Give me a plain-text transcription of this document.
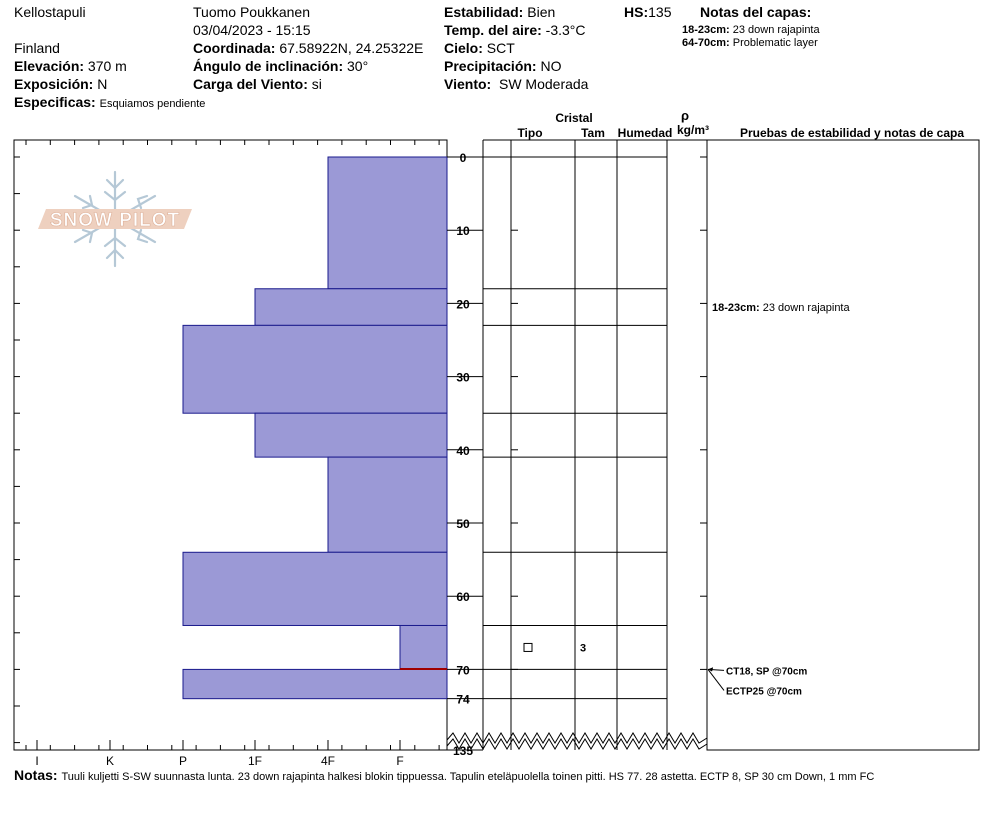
Kellostapuli
Finland
Elevación: 370 m
Exposición: N
Especificas: Esquiamos pendiente
Tuomo Poukkanen
03/04/2023 - 15:15
Coordinada: 67.58922N, 24.25322E
Ángulo de inclinación: 30°
Carga del Viento: si
Estabilidad: Bien
Temp. del aire: -3.3°C
Cielo: SCT
Precipitación: NO
Viento: SW Moderada
HS:135 Notas del capas:
18-23cm: 23 down rajapinta
64-70cm: Problematic layer
SNOW PILOT
I	K	P	1F	4F	F
0
10
20
30
40
50
60
70
74
135
3
Cristal
Tipo	Tam Humedad
ρ
kg/m³	Pruebas de estabilidad y notas de capa
18-23cm: 23 down rajapinta
CT18, SP @70cm
ECTP25 @70cm
Notas: Tuuli kuljetti S-SW suunnasta lunta. 23 down rajapinta halkesi blokin tippuessa. Tapulin eteläpuolella toinen pitti. HS 77. 28 astetta. ECTP 8, SP 30 cm Down, 1 mm FC
